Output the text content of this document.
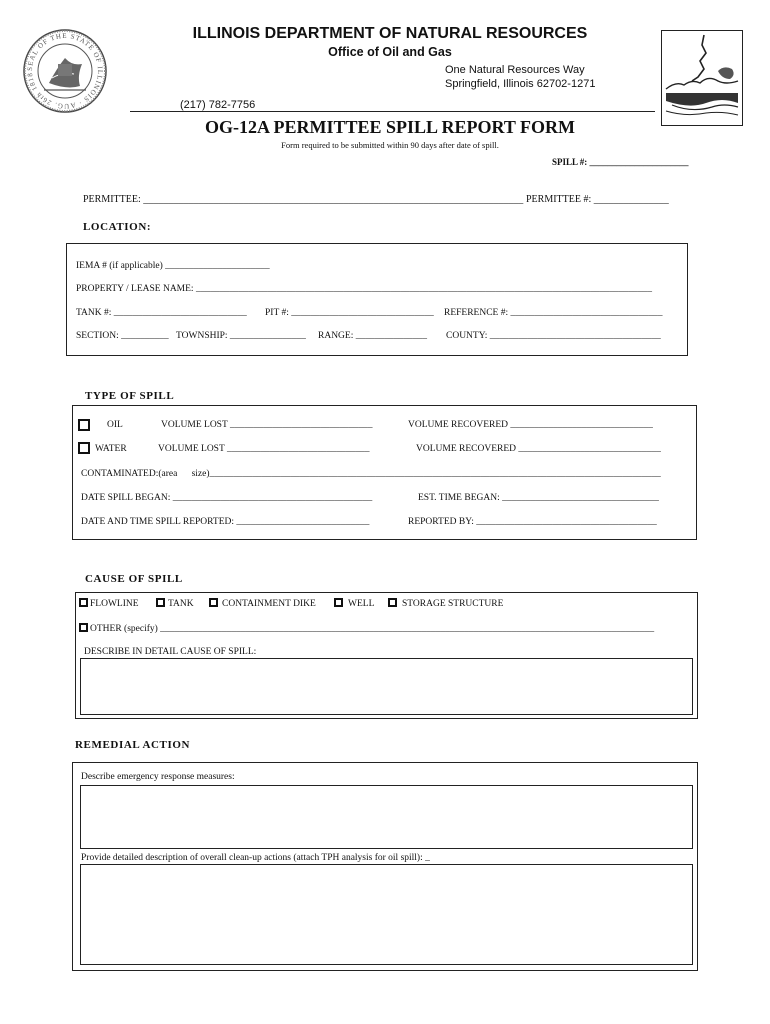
SEAL OF THE STATE OF ILLINOIS · AUG. 26th 1818
ILLINOIS DEPARTMENT OF NATURAL RESOURCES
Office of Oil and Gas
One Natural Resources Way
Springfield, Illinois 62702-1271
(217) 782-7756
OG-12A PERMITTEE SPILL REPORT FORM
Form required to be submitted within 90 days after date of spill.
SPILL #: ______________________
PERMITTEE: ____________________________________________________________________________ PERMITTEE #: _______________
LOCATION:
IEMA # (if applicable) ______________________
PROPERTY / LEASE NAME: ________________________________________________________________________________________________
TANK #: ____________________________ PIT #: ______________________________ REFERENCE #: ________________________________
SECTION: __________ TOWNSHIP: ________________ RANGE: _______________ COUNTY: ____________________________________
TYPE OF SPILL
OIL	VOLUME LOST ______________________________	VOLUME RECOVERED ______________________________
WATER	VOLUME LOST ______________________________	VOLUME RECOVERED ______________________________
CONTAMINATED:(area      size)_______________________________________________________________________________________________
DATE SPILL BEGAN: __________________________________________	EST. TIME BEGAN: _________________________________
DATE AND TIME SPILL REPORTED: ____________________________	REPORTED BY: ______________________________________
CAUSE OF SPILL
FLOWLINE	TANK	CONTAINMENT DIKE	WELL	STORAGE STRUCTURE
OTHER (specify) ________________________________________________________________________________________________________
DESCRIBE IN DETAIL CAUSE OF SPILL:
REMEDIAL ACTION
Describe emergency response measures:
Provide detailed description of overall clean-up actions (attach TPH analysis for oil spill): _
